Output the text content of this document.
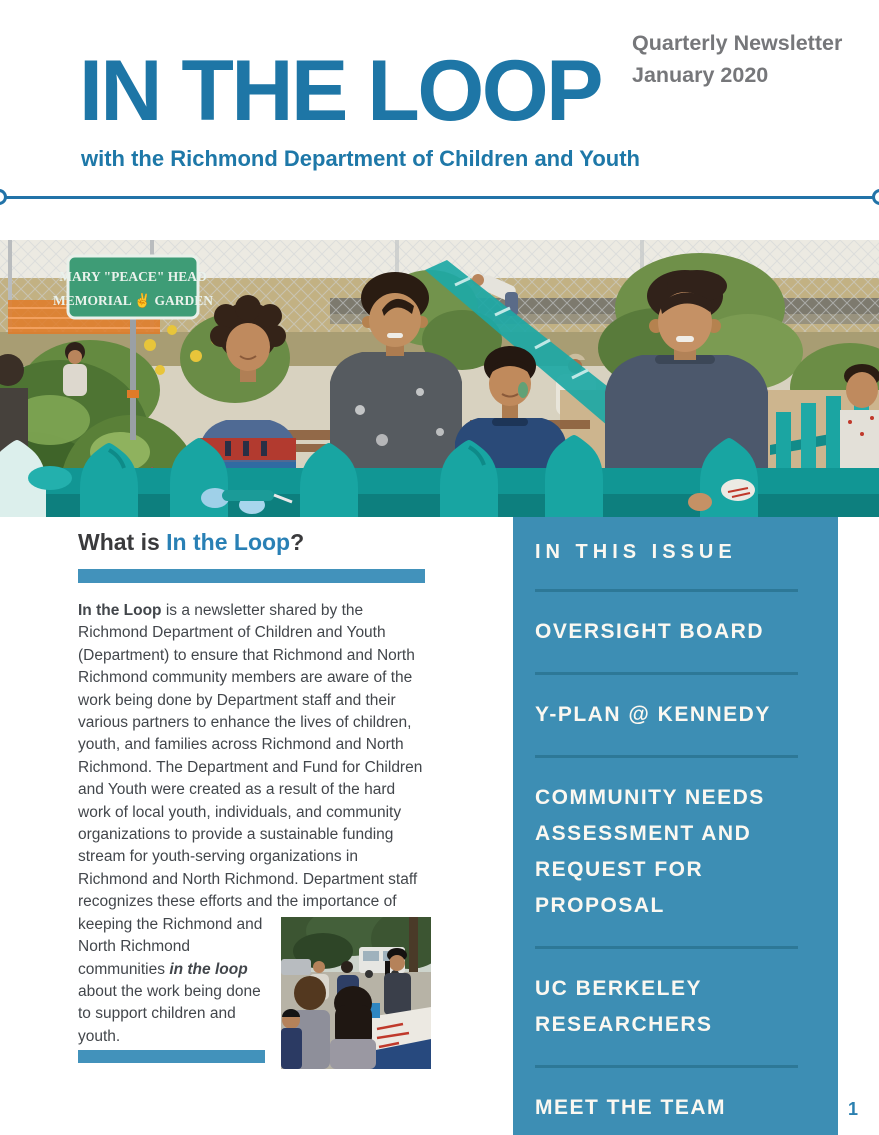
Quarterly Newsletter
January 2020
IN THE LOOP
with the Richmond Department of Children and Youth
MARY "PEACE" HEAD
MEMORIAL ✌ GARDEN
What is In the Loop?

In the Loop is a newsletter shared by the Richmond Department of Children and Youth (Department) to ensure that Richmond and North Richmond community members are aware of the work being done by Department staff and their various partners to enhance the lives of children, youth, and families across Richmond and North Richmond. The Department and Fund for Children and Youth were created as a result of the hard work of local youth, individuals, and community organizations to provide a sustainable funding stream for youth-serving organizations in Richmond and North Richmond. Department staff recognizes these efforts and the
importance of keeping the Richmond and North Richmond communities in the loop about the work being done to support children and youth.

IN THIS ISSUE
OVERSIGHT BOARD
Y-PLAN @ KENNEDY
COMMUNITY NEEDS ASSESSMENT AND REQUEST FOR PROPOSAL
UC BERKELEY RESEARCHERS
MEET THE TEAM	1
